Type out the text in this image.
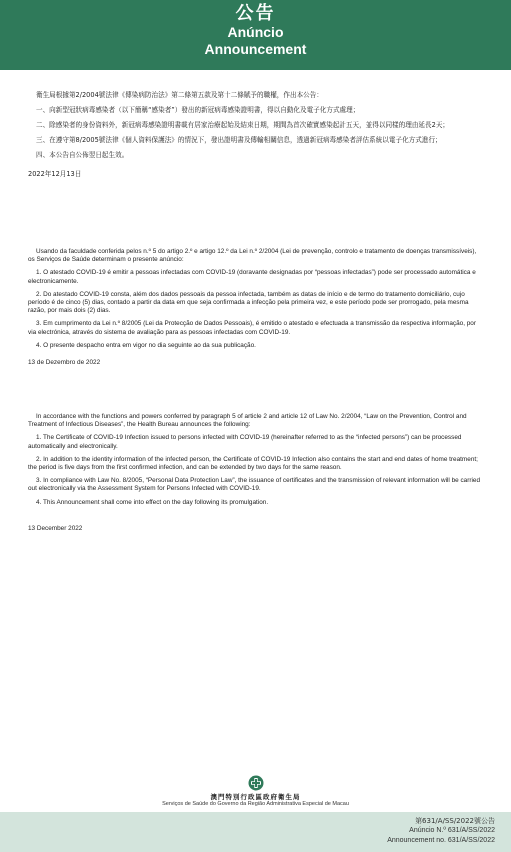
公告
Anúncio
Announcement

衛生局根據第2/2004號法律《傳染病防治法》第二條第五款及第十二條賦予的職權，作出本公告：

一、向新型冠狀病毒感染者（以下簡稱“感染者”）發出的新冠病毒感染證明書，得以自動化及電子化方式處理；

二、除感染者的身份資料外，新冠病毒感染證明書載有居家治療起始及結束日期，期間為首次確實感染起計五天，並得以同樣的理由延長2天；

三、在遵守第8/2005號法律《個人資料保護法》的情況下，發出證明書及傳輸相關信息，透過新冠病毒感染者評估系統以電子化方式進行；

四、本公告自公佈翌日起生效。

2022年12月13日

Usando da faculdade conferida pelos n.º 5 do artigo 2.º e artigo 12.º da Lei n.º 2/2004 (Lei de prevenção, controlo e tratamento de doenças transmissíveis), os Serviços de Saúde determinam o presente anúncio:

1. O atestado COVID-19 é emitir a pessoas infectadas com COVID-19 (doravante designadas por “pessoas infectadas”) pode ser processado automática e electronicamente.

2. Do atestado COVID-19 consta, além dos dados pessoais da pessoa infectada, também as datas de início e de termo do tratamento domiciliário, cujo período é de cinco (5) dias, contado a partir da data em que seja confirmada a infecção pela primeira vez, e este período pode ser prorrogado, pela mesma razão, por mais dois (2) dias.

3. Em cumprimento da Lei n.º 8/2005 (Lei da Protecção de Dados Pessoais), é emitido o atestado e efectuada a transmissão da respectiva informação, por via electrónica, através do sistema de avaliação para as pessoas infectadas com COVID-19.

4. O presente despacho entra em vigor no dia seguinte ao da sua publicação.

13 de Dezembro de 2022

In accordance with the functions and powers conferred by paragraph 5 of article 2 and article 12 of Law No. 2/2004, “Law on the Prevention, Control and Treatment of Infectious Diseases”, the Health Bureau announces the following:

1. The Certificate of COVID-19 Infection issued to persons infected with COVID-19 (hereinafter referred to as the “infected persons”) can be processed automatically and electronically.

2. In addition to the identity information of the infected person, the Certificate of COVID-19 Infection also contains the start and end dates of home treatment; the period is five days from the first confirmed infection, and can be extended by two days for the same reason.

3. In compliance with Law No. 8/2005, “Personal Data Protection Law”, the issuance of certificates and the transmission of relevant information will be carried out electronically via the Assessment System for Persons Infected with COVID-19.

4. This Announcement shall come into effect on the day following its promulgation.

13 December 2022

澳門特別行政區政府衛生局
Serviços de Saúde do Governo da Região Administrativa Especial de Macau
第631/A/SS/2022號公告
Anúncio N.º 631/A/SS/2022
Announcement no. 631/A/SS/2022
